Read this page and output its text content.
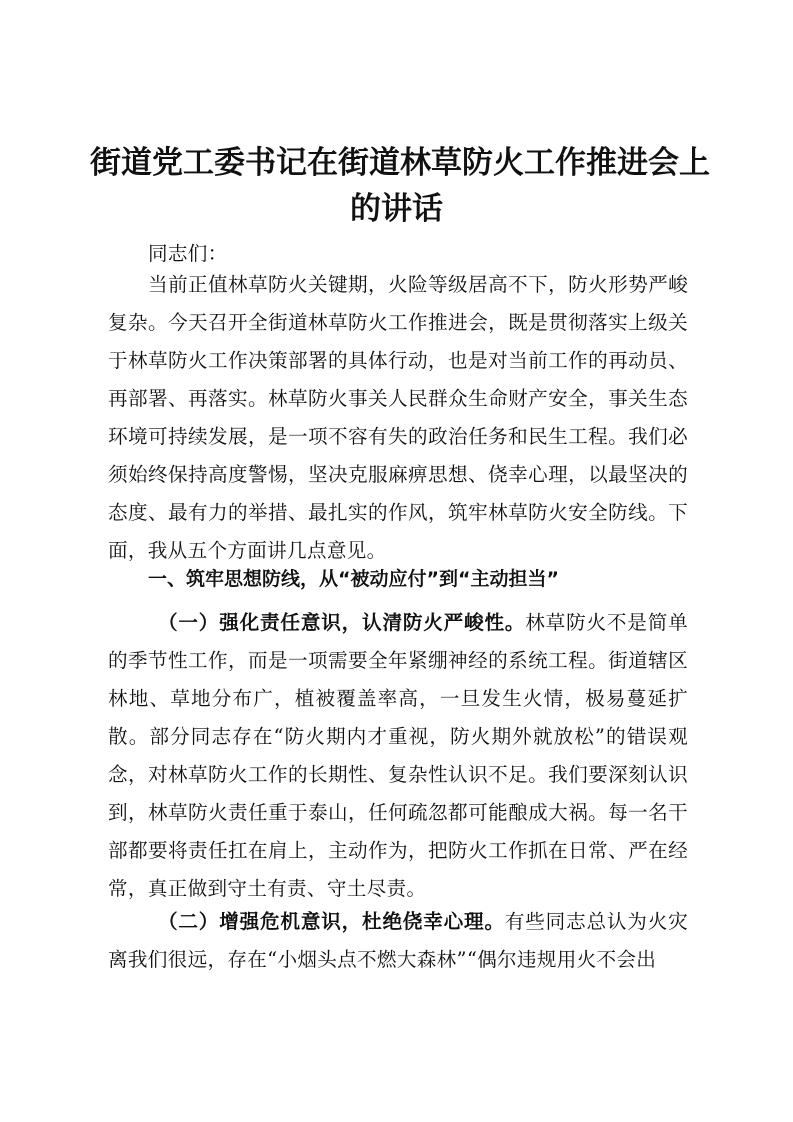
街道党工委书记在街道林草防火工作推进会上
的讲话

同志们：

当前正值林草防火关键期，火险等级居高不下，防火形势严峻复杂。今天召开全街道林草防火工作推进会，既是贯彻落实上级关于林草防火工作决策部署的具体行动，也是对当前工作的再动员、再部署、再落实。林草防火事关人民群众生命财产安全，事关生态环境可持续发展，是一项不容有失的政治任务和民生工程。我们必须始终保持高度警惕，坚决克服麻痹思想、侥幸心理，以最坚决的态度、最有力的举措、最扎实的作风，筑牢林草防火安全防线。下面，我从五个方面讲几点意见。

一、筑牢思想防线，从“被动应付”到“主动担当”

（一）强化责任意识，认清防火严峻性。林草防火不是简单的季节性工作，而是一项需要全年紧绷神经的系统工程。街道辖区林地、草地分布广，植被覆盖率高，一旦发生火情，极易蔓延扩散。部分同志存在“防火期内才重视，防火期外就放松”的错误观念，对林草防火工作的长期性、复杂性认识不足。我们要深刻认识到，林草防火责任重于泰山，任何疏忽都可能酿成大祸。每一名干部都要将责任扛在肩上，主动作为，把防火工作抓在日常、严在经常，真正做到守土有责、守土尽责。

（二）增强危机意识，杜绝侥幸心理。有些同志总认为火灾离我们很远，存在“小烟头点不燃大森林”“偶尔违规用火不会出
